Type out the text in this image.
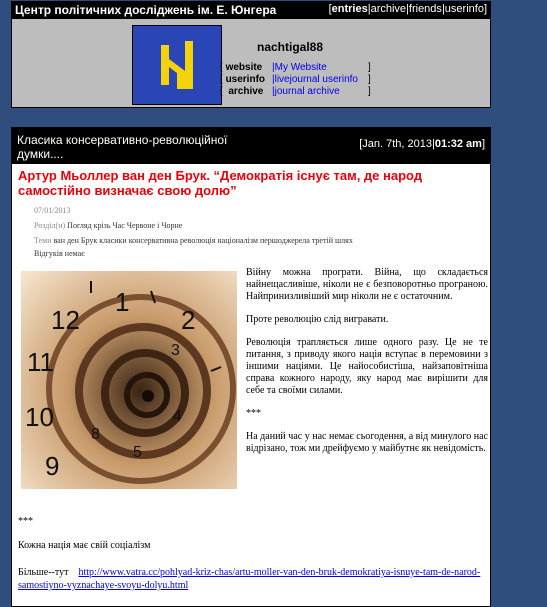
Центр політичних досліджень ім. Е. Юнгера	[entries|archive|friends|userinfo]
nachtigal88
[ website |My Website	]
[ userinfo |livejournal userinfo	]
[  archive |journal archive	]
Класика консервативно-революційної думки....
[Jan. 7th, 2013|01:32 am]
Артур Мьоллер ван ден Брук. “Демократія існує там, де народ самостійно визначає свою долю”
07/01/2013
Розділ(и) Погляд крізь Час Червоне і Чорне
Теми ван ден Брук класики консервативна революція націоналізм першоджерела третій шлях
Відгуків немає
12
1
11
2
10
9
3
4
5
8

Війну можна програти. Війна, що складається найнещасливіше, ніколи не є безповоротньо програною. Найпринизливіший мир ніколи не є остаточним.

Проте революцію слід вигравати.

Революція трапляється лише одного разу. Це не те питання, з приводу якого нація вступає в перемовини з іншими націями. Це найособистіша, найзаповітніша справа кожного народу, яку народ має вирішити для себе та своїми силами.

***

На даний час у нас немає сьогодення, а від минулого нас відрізано, тож ми дрейфуємо у майбутнє як невідомість.

***
Кожна нація має свій соціалізм
Більше--тут http://www.vatra.cc/pohlyad-kriz-chas/artu-moller-van-den-bruk-demokratiya-isnuye-tam-de-narod-samostiyno-vyznachaye-svoyu-dolyu.html
